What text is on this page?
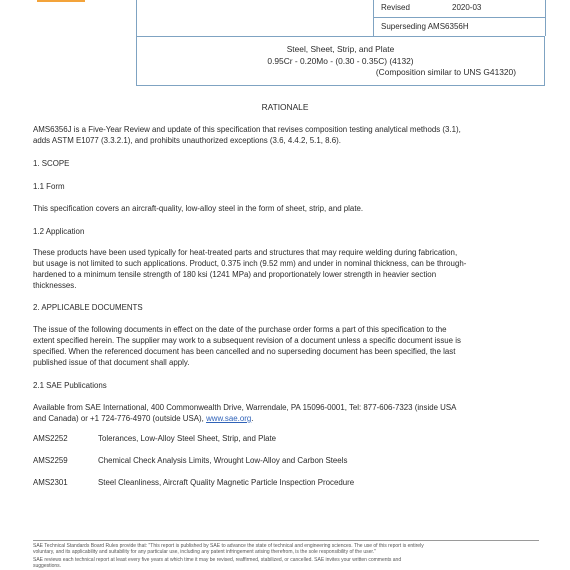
Revised	2020-03
Superseding AMS6356H
Steel, Sheet, Strip, and Plate
0.95Cr - 0.20Mo - (0.30 - 0.35C) (4132)
(Composition similar to UNS G41320)
RATIONALE
AMS6356J is a Five-Year Review and update of this specification that revises composition testing analytical methods (3.1),
adds ASTM E1077 (3.3.2.1), and prohibits unauthorized exceptions (3.6, 4.4.2, 5.1, 8.6).
1. SCOPE
1.1 Form
This specification covers an aircraft-quality, low-alloy steel in the form of sheet, strip, and plate.
1.2 Application
These products have been used typically for heat-treated parts and structures that may require welding during fabrication,
but usage is not limited to such applications. Product, 0.375 inch (9.52 mm) and under in nominal thickness, can be through-
hardened to a minimum tensile strength of 180 ksi (1241 MPa) and proportionately lower strength in heavier section
thicknesses.
2. APPLICABLE DOCUMENTS
The issue of the following documents in effect on the date of the purchase order forms a part of this specification to the
extent specified herein. The supplier may work to a subsequent revision of a document unless a specific document issue is
specified. When the referenced document has been cancelled and no superseding document has been specified, the last
published issue of that document shall apply.
2.1 SAE Publications
Available from SAE International, 400 Commonwealth Drive, Warrendale, PA 15096-0001, Tel: 877-606-7323 (inside USA
and Canada) or +1 724-776-4970 (outside USA), www.sae.org.
AMS2252	Tolerances, Low-Alloy Steel Sheet, Strip, and Plate
AMS2259	Chemical Check Analysis Limits, Wrought Low-Alloy and Carbon Steels
AMS2301	Steel Cleanliness, Aircraft Quality Magnetic Particle Inspection Procedure
SAE Technical Standards Board Rules provide that: "This report is published by SAE to advance the state of technical and engineering sciences. The use of this report is entirely
voluntary, and its applicability and suitability for any particular use, including any patent infringement arising therefrom, is the sole responsibility of the user."
SAE reviews each technical report at least every five years at which time it may be revised, reaffirmed, stabilized, or cancelled. SAE invites your written comments and
suggestions.
